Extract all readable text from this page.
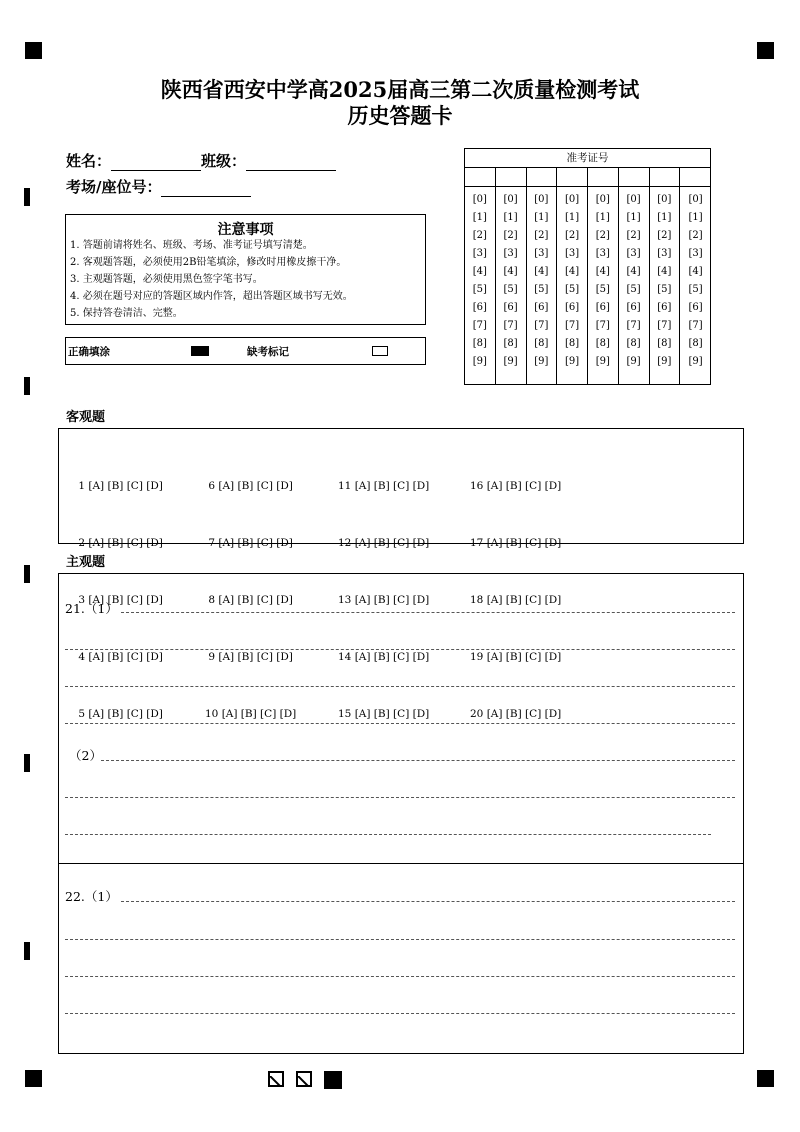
陕西省西安中学高2025届高三第二次质量检测考试
历史答题卡
姓名：	班级：
考场/座位号：
注意事项
1. 答题前请将姓名、班级、考场、准考证号填写清楚。
2. 客观题答题，必须使用2B铅笔填涂，修改时用橡皮擦干净。
3. 主观题答题，必须使用黑色签字笔书写。
4. 必须在题号对应的答题区域内作答，超出答题区域书写无效。
5. 保持答卷清洁、完整。
正确填涂	缺考标记
准考证号
[0]
[1]
[2]
[3]
[4]
[5]
[6]
[7]
[8]
[9]
[0]
[1]
[2]
[3]
[4]
[5]
[6]
[7]
[8]
[9]
[0]
[1]
[2]
[3]
[4]
[5]
[6]
[7]
[8]
[9]
[0]
[1]
[2]
[3]
[4]
[5]
[6]
[7]
[8]
[9]
[0]
[1]
[2]
[3]
[4]
[5]
[6]
[7]
[8]
[9]
[0]
[1]
[2]
[3]
[4]
[5]
[6]
[7]
[8]
[9]
[0]
[1]
[2]
[3]
[4]
[5]
[6]
[7]
[8]
[9]
[0]
[1]
[2]
[3]
[4]
[5]
[6]
[7]
[8]
[9]
客观题

1 [A] [B] [C] [D]

2 [A] [B] [C] [D]

3 [A] [B] [C] [D]

4 [A] [B] [C] [D]

5 [A] [B] [C] [D]

6 [A] [B] [C] [D]

7 [A] [B] [C] [D]

8 [A] [B] [C] [D]

9 [A] [B] [C] [D]

10 [A] [B] [C] [D]

11 [A] [B] [C] [D]

12 [A] [B] [C] [D]

13 [A] [B] [C] [D]

14 [A] [B] [C] [D]

15 [A] [B] [C] [D]

16 [A] [B] [C] [D]

17 [A] [B] [C] [D]

18 [A] [B] [C] [D]

19 [A] [B] [C] [D]

20 [A] [B] [C] [D]

主观题
21.（1）
（2）
22.（1）
